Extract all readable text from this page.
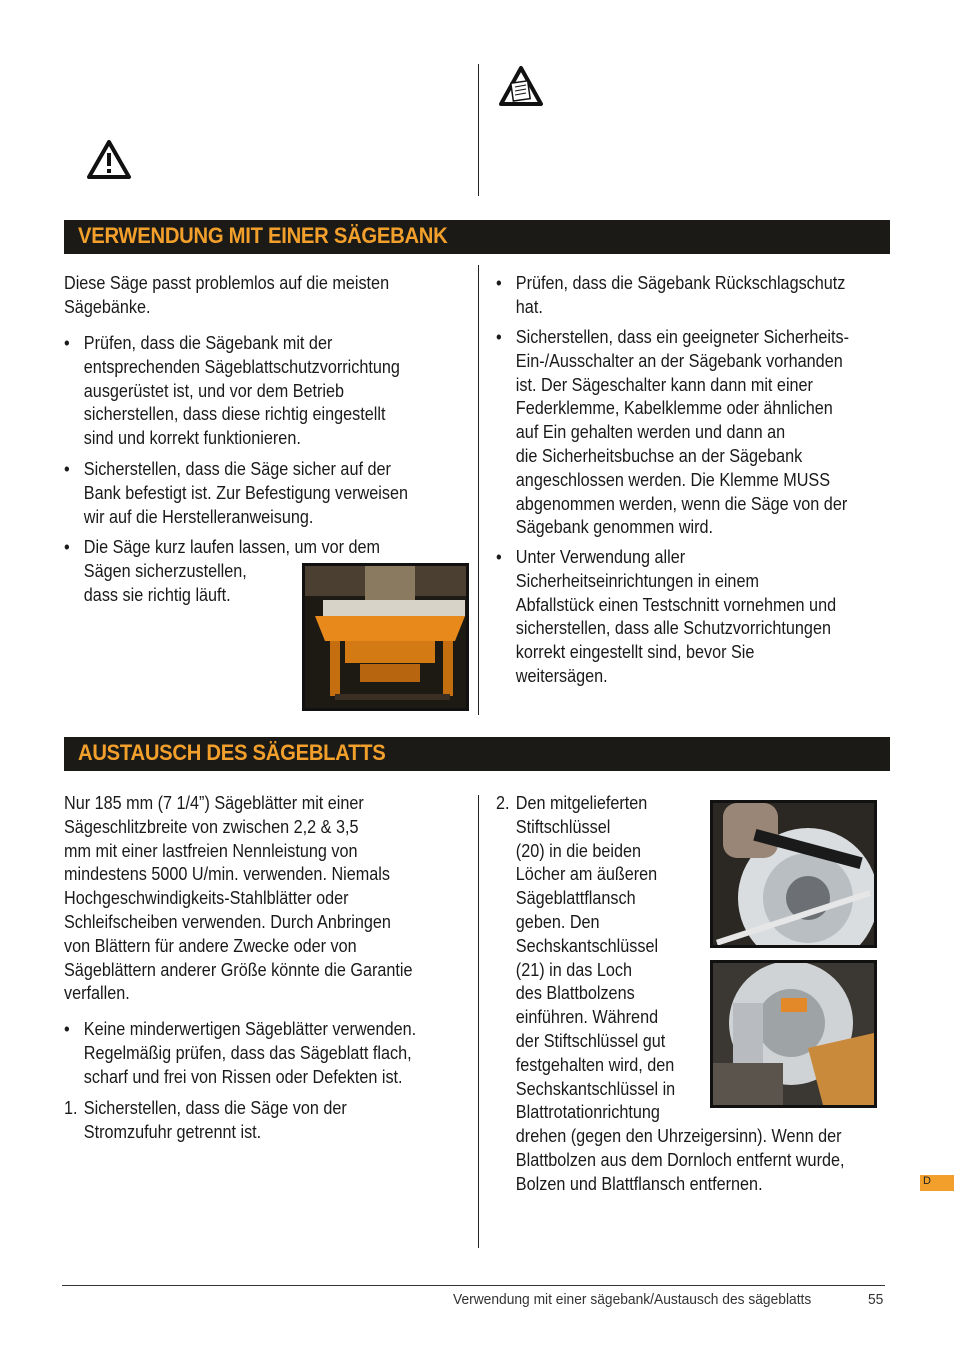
VERWENDUNG MIT EINER SÄGEBANK
Diese Säge passt problemlos auf die meisten
Sägebänke.
• Prüfen, dass die Sägebank mit der
entsprechenden Sägeblattschutzvorrichtung
ausgerüstet ist, und vor dem Betrieb
sicherstellen, dass diese richtig eingestellt
sind und korrekt funktionieren.
• Sicherstellen, dass die Säge sicher auf der
Bank befestigt ist. Zur Befestigung verweisen
wir auf die Herstelleranweisung.
• Die Säge kurz laufen lassen, um vor dem
Sägen sicherzustellen,
dass sie richtig läuft.
• Prüfen, dass die Sägebank Rückschlagschutz
hat.
• Sicherstellen, dass ein geeigneter Sicherheits-
Ein-/Ausschalter an der Sägebank vorhanden
ist. Der Sägeschalter kann dann mit einer
Federklemme, Kabelklemme oder ähnlichen
auf Ein gehalten werden und dann an
die Sicherheitsbuchse an der Sägebank
angeschlossen werden. Die Klemme MUSS
abgenommen werden, wenn die Säge von der
Sägebank genommen wird.
• Unter Verwendung aller
Sicherheitseinrichtungen in einem
Abfallstück einen Testschnitt vornehmen und
sicherstellen, dass alle Schutzvorrichtungen
korrekt eingestellt sind, bevor Sie
weitersägen.
AUSTAUSCH DES SÄGEBLATTS
Nur 185 mm (7 1/4”) Sägeblätter mit einer
Sägeschlitzbreite von zwischen 2,2 & 3,5
mm mit einer lastfreien Nennleistung von
mindestens 5000 U/min. verwenden. Niemals
Hochgeschwindigkeits-Stahlblätter oder
Schleifscheiben verwenden. Durch Anbringen
von Blättern für andere Zwecke oder von
Sägeblättern anderer Größe könnte die Garantie
verfallen.
• Keine minderwertigen Sägeblätter verwenden.
Regelmäßig prüfen, dass das Sägeblatt flach,
scharf und frei von Rissen oder Defekten ist.
1. Sicherstellen, dass die Säge von der
Stromzufuhr getrennt ist.
2. Den mitgelieferten
Stiftschlüssel
(20) in die beiden
Löcher am äußeren
Sägeblattflansch
geben. Den
Sechskantschlüssel
(21) in das Loch
des Blattbolzens
einführen. Während
der Stiftschlüssel gut
festgehalten wird, den
Sechskantschlüssel in
Blattrotationrichtung
drehen (gegen den Uhrzeigersinn). Wenn der
Blattbolzen aus dem Dornloch entfernt wurde,
Bolzen und Blattflansch entfernen.	D
Verwendung mit einer sägebank/Austausch des sägeblatts	55
